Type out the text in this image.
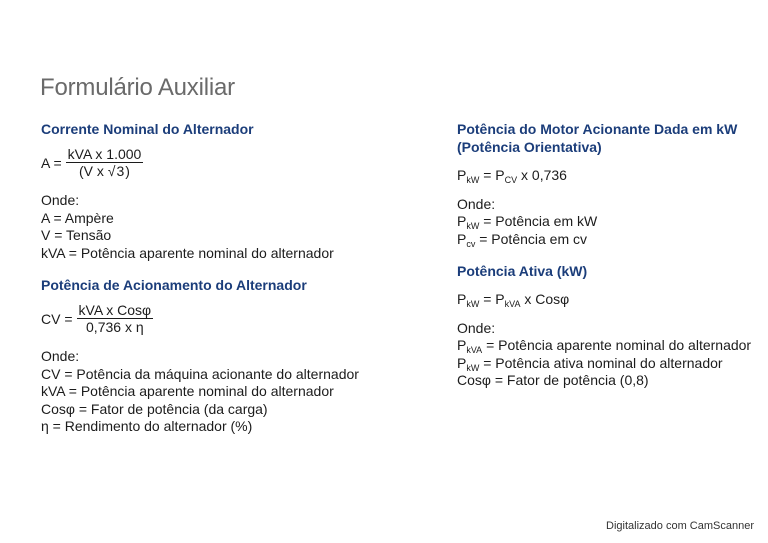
Formulário Auxiliar
Corrente Nominal do Alternador
$A = \frac{\text{kVA x 1.000}}{\text{(V x √3)}}$
Onde:
A = Ampère
V = Tensão
kVA = Potência aparente nominal do alternador
Potência de Acionamento do Alternador
CV = $\frac{\text{kVA x Cosφ}}{\text{0,736 x η}}$
Onde:
CV = Potência da máquina acionante do alternador
kVA = Potência aparente nominal do alternador
Cosφ = Fator de potência (da carga)
η = Rendimento do alternador (%)
Potência do Motor Acionante Dada em kW
(Potência Orientativa)
$P_{kW} = P_{CV}$ x 0,736
Onde:
$P_{kW}$ = Potência em kW
$P_{cv}$ = Potência em cv
Potência Ativa (kW)
$P_{kW} = P_{kVA}$ x Cosφ
Onde:
$P_{kVA}$ = Potência aparente nominal do alternador
$P_{kW}$ = Potência ativa nominal do alternador
Cosφ = Fator de potência (0,8)
Digitalizado com CamScanner
